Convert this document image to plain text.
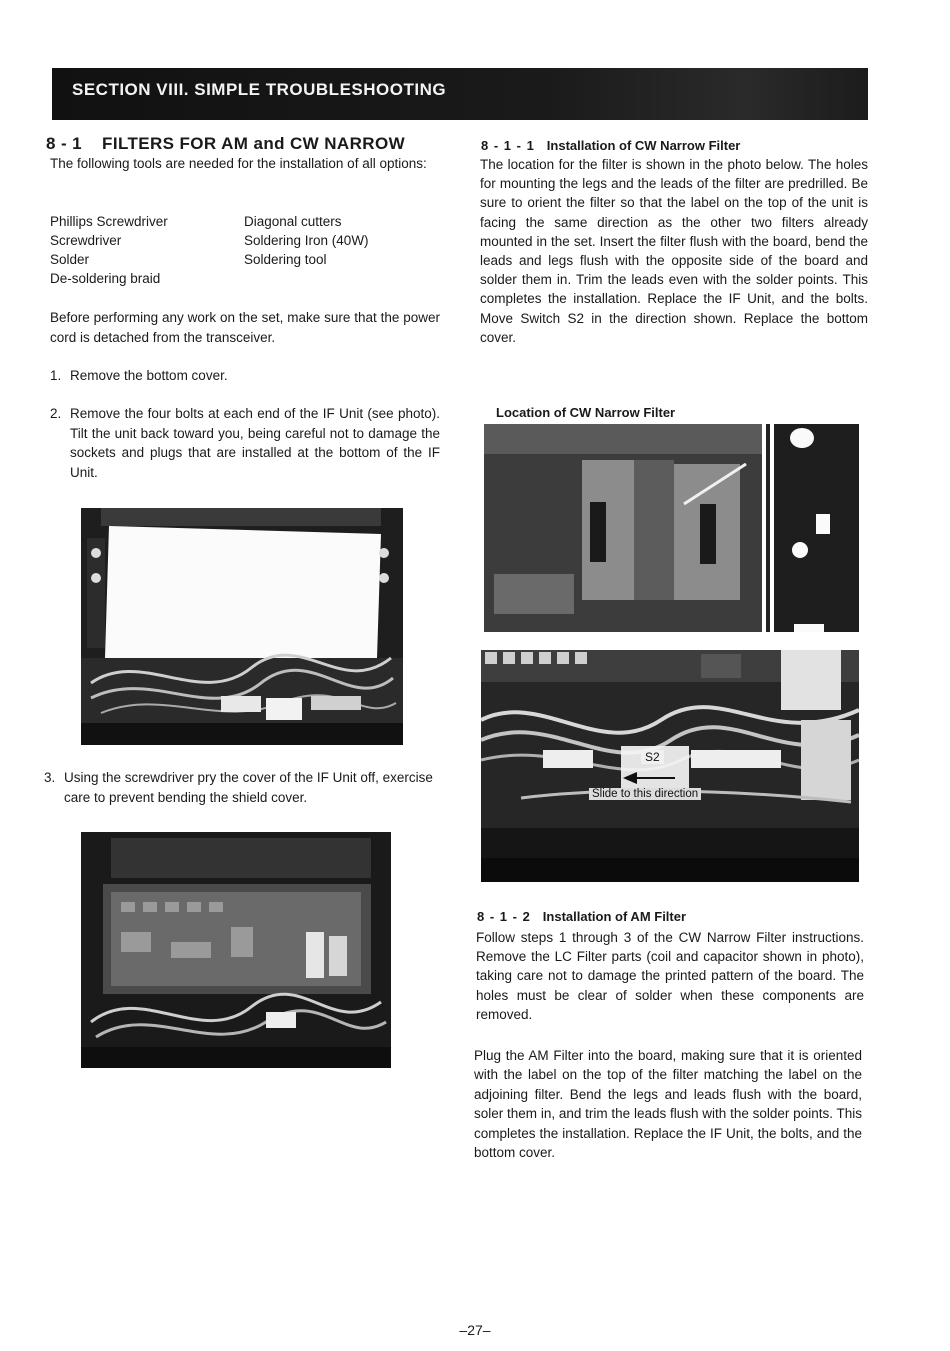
SECTION VIII. SIMPLE TROUBLESHOOTING
8 - 1 FILTERS FOR AM and CW NARROW
The following tools are needed for the installation of all options:
Phillips Screwdriver
Screwdriver
Solder
De-soldering braid
Diagonal cutters
Soldering Iron (40W)
Soldering tool
Before performing any work on the set, make sure that the power cord is detached from the transceiver.
1. Remove the bottom cover.
2. Remove the four bolts at each end of the IF Unit (see photo). Tilt the unit back toward you, being careful not to damage the sockets and plugs that are installed at the bottom of the IF Unit.
3. Using the screwdriver pry the cover of the IF Unit off, exercise care to prevent bending the shield cover.
8 - 1 - 1 Installation of CW Narrow Filter
The location for the filter is shown in the photo below. The holes for mounting the legs and the leads of the filter are predrilled. Be sure to orient the filter so that the label on the top of the unit is facing the same direction as the other two filters already mounted in the set. Insert the filter flush with the board, bend the leads and legs flush with the opposite side of the board and solder them in. Trim the leads even with the solder points. This completes the installation. Replace the IF Unit, and the bolts. Move Switch S2 in the direction shown. Replace the bottom cover.
Location of CW Narrow Filter
S2
Slide to this direction
8 - 1 - 2 Installation of AM Filter
Follow steps 1 through 3 of the CW Narrow Filter instructions. Remove the LC Filter parts (coil and capacitor shown in photo), taking care not to damage the printed pattern of the board. The holes must be clear of solder when these components are removed.
Plug the AM Filter into the board, making sure that it is oriented with the label on the top of the filter matching the label on the adjoining filter. Bend the legs and leads flush with the board, soler them in, and trim the leads flush with the solder points. This completes the installation. Replace the IF Unit, the bolts, and the bottom cover.
–27–
